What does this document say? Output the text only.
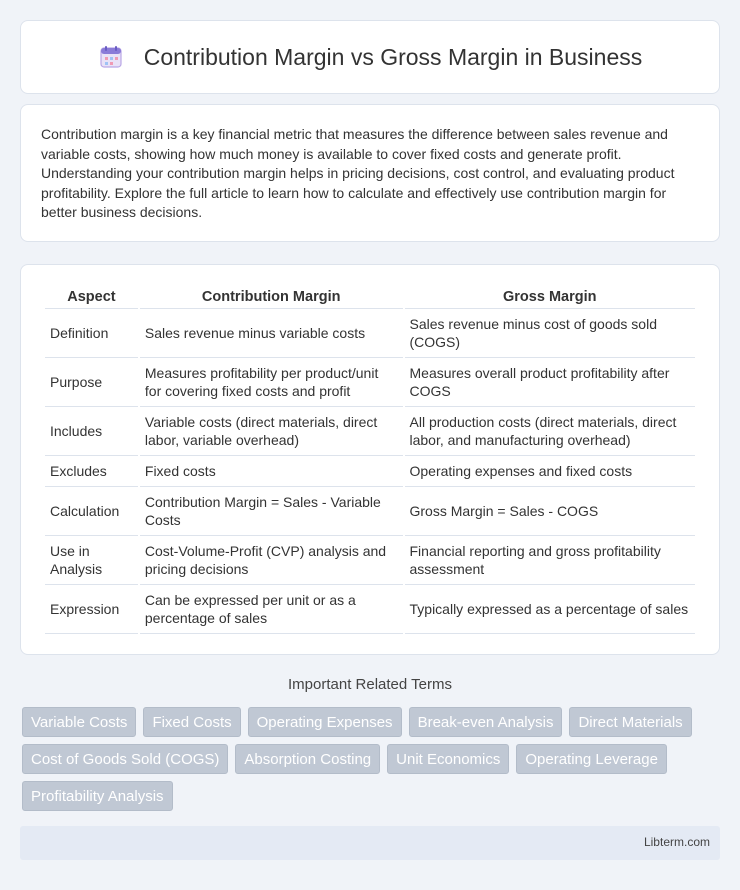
Contribution Margin vs Gross Margin in Business

Contribution margin is a key financial metric that measures the difference between sales revenue and variable costs, showing how much money is available to cover fixed costs and generate profit. Understanding your contribution margin helps in pricing decisions, cost control, and evaluating product profitability. Explore the full article to learn how to calculate and effectively use contribution margin for better business decisions.

Aspect	Contribution Margin	Gross Margin
Definition	Sales revenue minus variable costs	Sales revenue minus cost of goods sold (COGS)
Purpose	Measures profitability per product/unit for covering fixed costs and profit	Measures overall product profitability after COGS
Includes	Variable costs (direct materials, direct labor, variable overhead)	All production costs (direct materials, direct labor, and manufacturing overhead)
Excludes	Fixed costs	Operating expenses and fixed costs
Calculation	Contribution Margin = Sales - Variable Costs	Gross Margin = Sales - COGS
Use in Analysis	Cost-Volume-Profit (CVP) analysis and pricing decisions	Financial reporting and gross profitability assessment
Expression	Can be expressed per unit or as a percentage of sales	Typically expressed as a percentage of sales
Important Related Terms
Variable Costs	Fixed Costs	Operating Expenses	Break-even Analysis	Direct Materials
Cost of Goods Sold (COGS)	Absorption Costing	Unit Economics	Operating Leverage
Profitability Analysis
Libterm.com
